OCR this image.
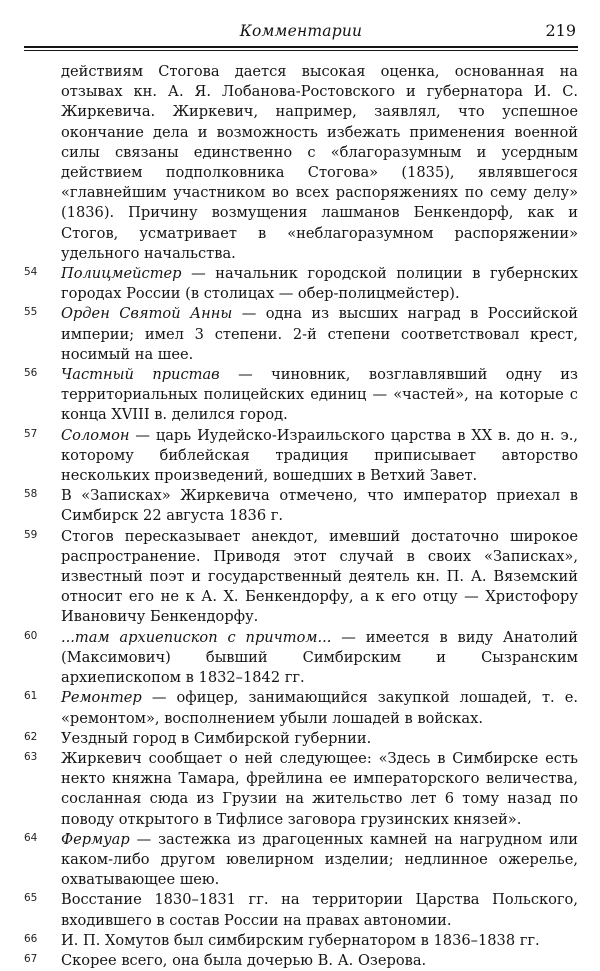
Комментарии	219

действиям Стогова дается высокая оценка, основанная на отзывах кн. А. Я. Лобанова-Ростовского и губернатора И. С. Жиркевича. Жиркевич, например, заявлял, что успешное окончание дела и возможность избежать применения военной силы связаны единственно с «благоразумным и усердным действием подполковника Стогова» (1835), являвшегося «главнейшим участником во всех распоряжениях по сему делу» (1836). Причину возмущения лашманов Бенкендорф, как и Стогов, усматривает в «неблагоразумном распоряжении» удельного начальства.

54 Полицмейстер — начальник городской полиции в губернских городах России (в столицах — обер-полицмейстер).

55 Орден Святой Анны — одна из высших наград в Российской империи; имел 3 степени. 2-й степени соответствовал крест, носимый на шее.

56 Частный пристав — чиновник, возглавлявший одну из территориальных полицейских единиц — «частей», на которые с конца XVIII в. делился город.

57 Соломон — царь Иудейско-Израильского царства в XX в. до н. э., которому библейская традиция приписывает авторство нескольких произведений, вошедших в Ветхий Завет.

58 В «Записках» Жиркевича отмечено, что император приехал в Симбирск 22 августа 1836 г.

59 Стогов пересказывает анекдот, имевший достаточно широкое распространение. Приводя этот случай в своих «Записках», известный поэт и государственный деятель кн. П. А. Вяземский относит его не к А. Х. Бенкендорфу, а к его отцу — Христофору Ивановичу Бенкендорфу.

60 ...там архиепископ с причтом... — имеется в виду Анатолий (Максимович) бывший Симбирским и Сызранским архиепископом в 1832–1842 гг.

61 Ремонтер — офицер, занимающийся закупкой лошадей, т. е. «ремонтом», восполнением убыли лошадей в войсках.

62 Уездный город в Симбирской губернии.

63 Жиркевич сообщает о ней следующее: «Здесь в Симбирске есть некто княжна Тамара, фрейлина ее императорского величества, сосланная сюда из Грузии на жительство лет 6 тому назад по поводу открытого в Тифлисе заговора грузинских князей».

64 Фермуар — застежка из драгоценных камней на нагрудном или каком-либо другом ювелирном изделии; недлинное ожерелье, охватывающее шею.

65 Восстание 1830–1831 гг. на территории Царства Польского, входившего в состав России на правах автономии.

66 И. П. Хомутов был симбирским губернатором в 1836–1838 гг.

67 Скорее всего, она была дочерью В. А. Озерова.
